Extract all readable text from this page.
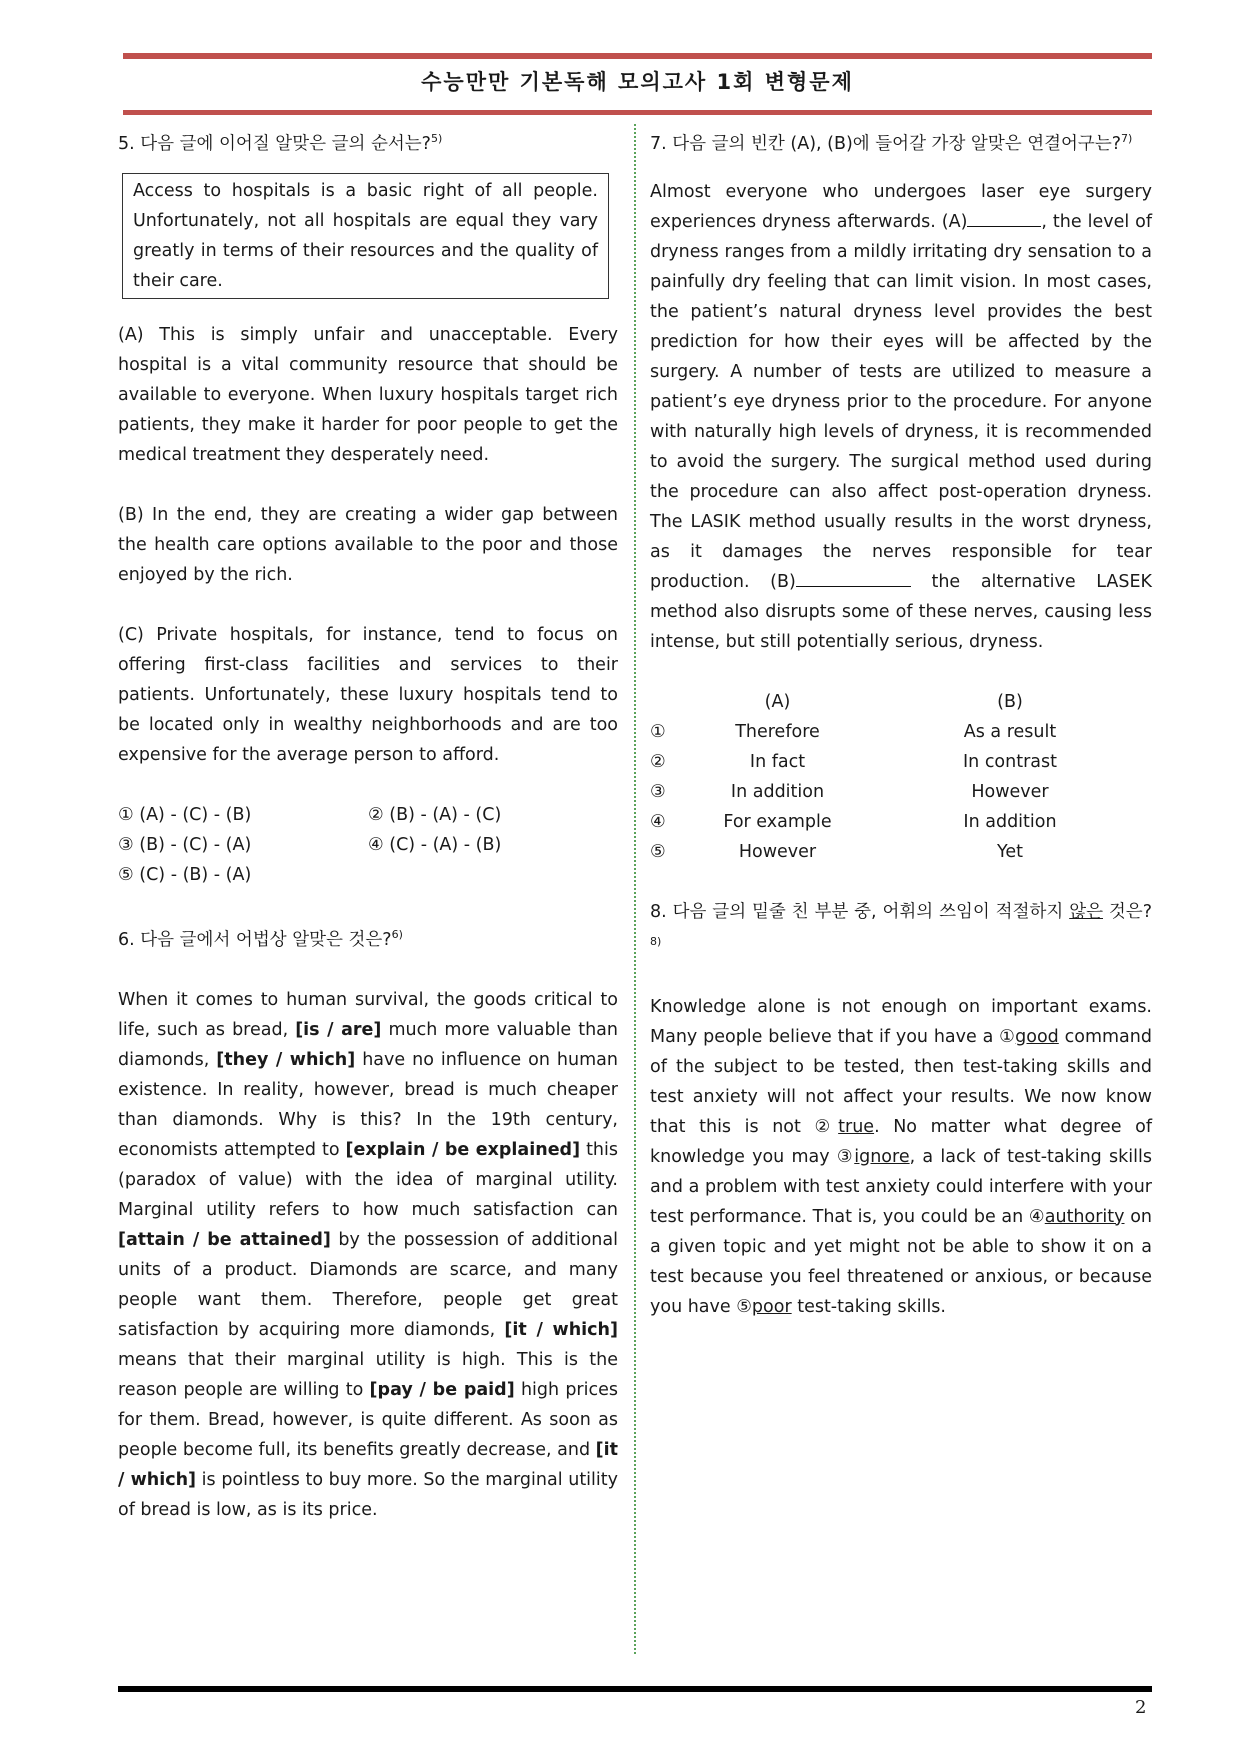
수능만만 기본독해 모의고사 1회 변형문제

5. 다음 글에 이어질 알맞은 글의 순서는?$^{5)}$

Access to hospitals is a basic right of all people. Unfortunately, not all hospitals are equal they vary greatly in terms of their resources and the quality of their care.

(A) This is simply unfair and unacceptable. Every hospital is a vital community resource that should be available to everyone. When luxury hospitals target rich patients, they make it harder for poor people to get the medical treatment they desperately need.

(B) In the end, they are creating a wider gap between the health care options available to the poor and those enjoyed by the rich.

(C) Private hospitals, for instance, tend to focus on offering first-class facilities and services to their patients. Unfortunately, these luxury hospitals tend to be located only in wealthy neighborhoods and are too expensive for the average person to afford.

① (A) - (C) - (B)	② (B) - (A) - (C)
③ (B) - (C) - (A)	④ (C) - (A) - (B)
⑤ (C) - (B) - (A)

6. 다음 글에서 어법상 알맞은 것은?$^{6)}$

When it comes to human survival, the goods critical to life, such as bread, [is / are] much more valuable than diamonds, [they / which] have no influence on human existence. In reality, however, bread is much cheaper than diamonds. Why is this? In the 19th century, economists attempted to [explain / be explained] this (paradox of value) with the idea of marginal utility. Marginal utility refers to how much satisfaction can [attain / be attained] by the possession of additional units of a product. Diamonds are scarce, and many people want them. Therefore, people get great satisfaction by acquiring more diamonds, [it / which] means that their marginal utility is high. This is the reason people are willing to [pay / be paid] high prices for them. Bread, however, is quite different. As soon as people become full, its benefits greatly decrease, and [it / which] is pointless to buy more. So the marginal utility of bread is low, as is its price.

7. 다음 글의 빈칸 (A), (B)에 들어갈 가장 알맞은 연결어구는?$^{7)}$

Almost everyone who undergoes laser eye surgery experiences dryness afterwards. (A)	, the level of dryness ranges from a mildly irritating dry sensation to a painfully dry feeling that can limit vision. In most cases, the patient’s natural dryness level provides the best prediction for how their eyes will be affected by the surgery. A number of tests are utilized to measure a patient’s eye dryness prior to the procedure. For anyone with naturally high levels of dryness, it is recommended to avoid the surgery. The surgical method used during the procedure can also affect post-operation dryness. The LASIK method usually results in the worst dryness, as it damages the nerves responsible for tear production. (B)	the alternative LASEK method also disrupts some of these nerves, causing less intense, but still potentially serious, dryness.

(A)	(B)
①	Therefore	As a result
②	In fact	In contrast
③	In addition	However
④	For example	In addition
⑤	However	Yet

8. 다음 글의 밑줄 친 부분 중, 어휘의 쓰임이 적절하지 않은 것은?$^{8)}$

Knowledge alone is not enough on important exams. Many people believe that if you have a ①good command of the subject to be tested, then test-taking skills and test anxiety will not affect your results. We now know that this is not ②true. No matter what degree of knowledge you may ③ignore, a lack of test-taking skills and a problem with test anxiety could interfere with your test performance. That is, you could be an ④authority on a given topic and yet might not be able to show it on a test because you feel threatened or anxious, or because you have ⑤poor test-taking skills.

2
